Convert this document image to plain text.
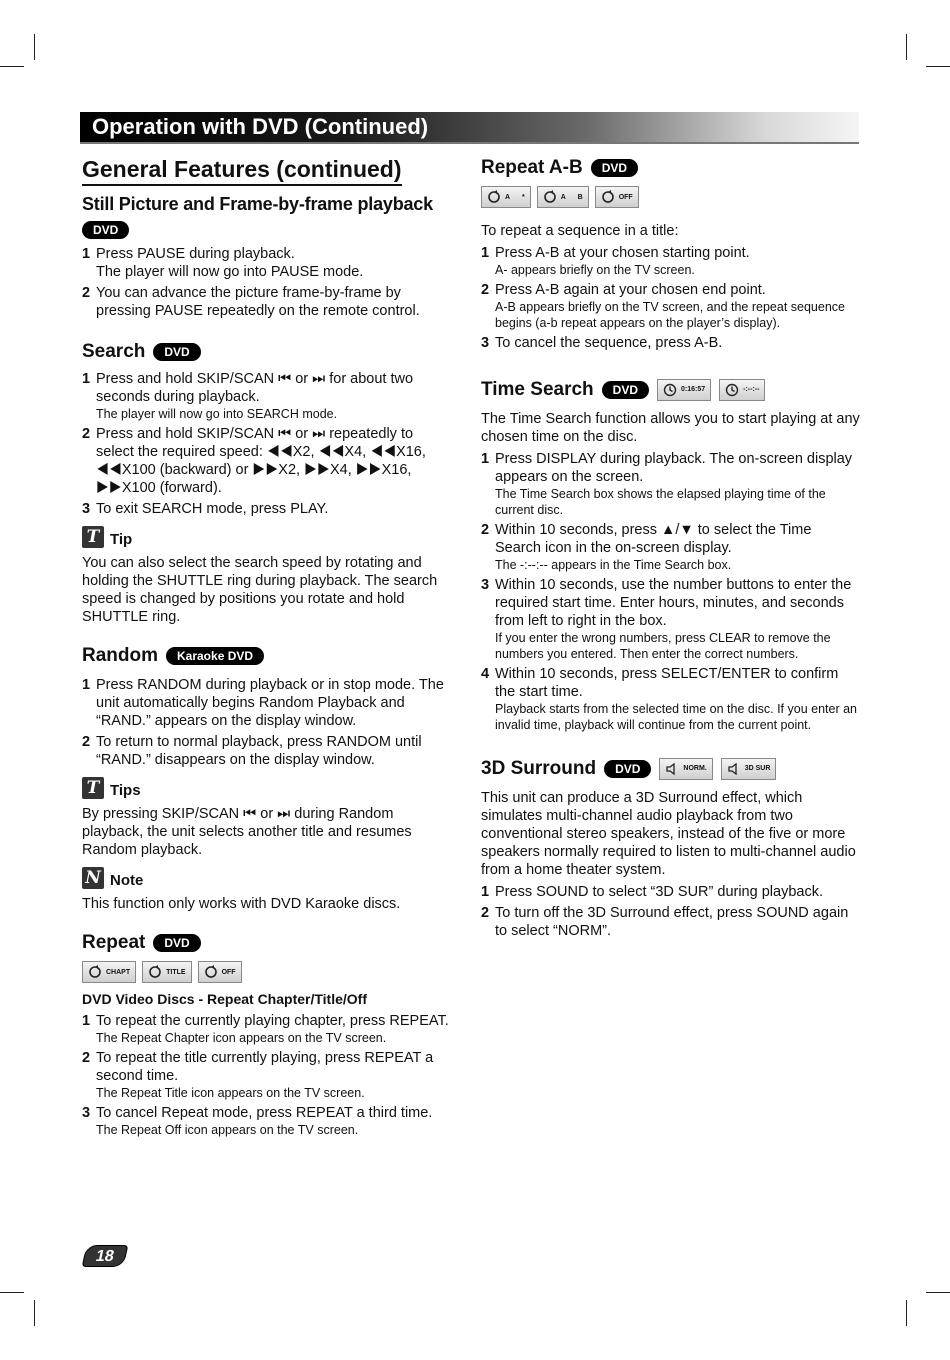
Operation with DVD (Continued)
General Features (continued)
Still Picture and Frame-by-frame playback
DVD
1 Press PAUSE during playback.
The player will now go into PAUSE mode.
2 You can advance the picture frame-by-frame by pressing PAUSE repeatedly on the remote control.
Search	DVD
1 Press and hold SKIP/SCAN ⏮ or ⏭ for about two seconds during playback.
The player will now go into SEARCH mode.
2 Press and hold SKIP/SCAN ⏮ or ⏭ repeatedly to select the required speed: ◀◀X2, ◀◀X4, ◀◀X16, ◀◀X100 (backward) or ▶▶X2, ▶▶X4, ▶▶X16, ▶▶X100 (forward).
3 To exit SEARCH mode, press PLAY.
T Tip

You can also select the search speed by rotating and holding the SHUTTLE ring during playback. The search speed is changed by positions you rotate and hold SHUTTLE ring.

Random	Karaoke DVD
1 Press RANDOM during playback or in stop mode. The unit automatically begins Random Playback and “RAND.” appears on the display window.
2 To return to normal playback, press RANDOM until “RAND.” disappears on the display window.
T Tips

By pressing SKIP/SCAN ⏮ or ⏭ during Random playback, the unit selects another title and resumes Random playback.

N Note

This function only works with DVD Karaoke discs.

Repeat	DVD
CHAPT	TITLE	OFF
DVD Video Discs - Repeat Chapter/Title/Off
1 To repeat the currently playing chapter, press REPEAT.
The Repeat Chapter icon appears on the TV screen.
2 To repeat the title currently playing, press REPEAT a second time.
The Repeat Title icon appears on the TV screen.
3 To cancel Repeat mode, press REPEAT a third time.
The Repeat Off icon appears on the TV screen.
Repeat A-B	DVD
A
*	A
B	OFF

To repeat a sequence in a title:

1 Press A-B at your chosen starting point.
A- appears briefly on the TV screen.
2 Press A-B again at your chosen end point.
A-B appears briefly on the TV screen, and the repeat sequence begins (a-b repeat appears on the player’s display).
3 To cancel the sequence, press A-B.
Time Search	DVD	0:16:57	-:--:--

The Time Search function allows you to start playing at any chosen time on the disc.

1 Press DISPLAY during playback. The on-screen display appears on the screen.
The Time Search box shows the elapsed playing time of the current disc.
2 Within 10 seconds, press ▲/▼ to select the Time Search icon in the on-screen display.
The -:--:-- appears in the Time Search box.
3 Within 10 seconds, use the number buttons to enter the required start time. Enter hours, minutes, and seconds from left to right in the box.
If you enter the wrong numbers, press CLEAR to remove the numbers you entered. Then enter the correct numbers.
4 Within 10 seconds, press SELECT/ENTER to confirm the start time.
Playback starts from the selected time on the disc. If you enter an invalid time, playback will continue from the current point.
3D Surround	DVD	NORM.	3D SUR

This unit can produce a 3D Surround effect, which simulates multi-channel audio playback from two conventional stereo speakers, instead of the five or more speakers normally required to listen to multi-channel audio from a home theater system.

1 Press SOUND to select “3D SUR” during playback.
2 To turn off the 3D Surround effect, press SOUND again to select “NORM”.
18
